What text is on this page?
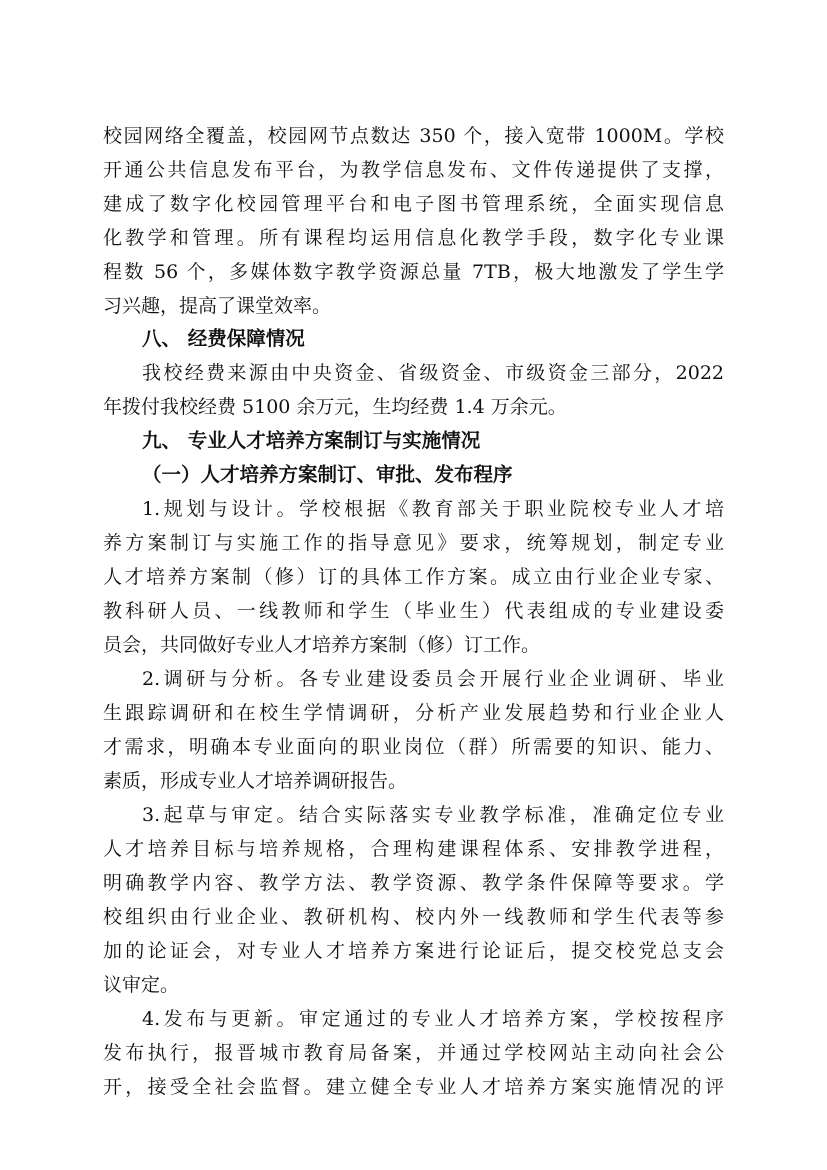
校园网络全覆盖，校园网节点数达 350 个，接入宽带 1000M。学校
开通公共信息发布平台，为教学信息发布、文件传递提供了支撑，
建成了数字化校园管理平台和电子图书管理系统，全面实现信息
化教学和管理。所有课程均运用信息化教学手段，数字化专业课
程数 56 个，多媒体数字教学资源总量 7TB，极大地激发了学生学
习兴趣，提高了课堂效率。
八、 经费保障情况
我校经费来源由中央资金、省级资金、市级资金三部分，2022
年拨付我校经费 5100 余万元，生均经费 1.4 万余元。
九、 专业人才培养方案制订与实施情况
（一）人才培养方案制订、审批、发布程序
1.规划与设计。学校根据《教育部关于职业院校专业人才培
养方案制订与实施工作的指导意见》要求，统筹规划，制定专业
人才培养方案制（修）订的具体工作方案。成立由行业企业专家、
教科研人员、一线教师和学生（毕业生）代表组成的专业建设委
员会，共同做好专业人才培养方案制（修）订工作。
2.调研与分析。各专业建设委员会开展行业企业调研、毕业
生跟踪调研和在校生学情调研，分析产业发展趋势和行业企业人
才需求，明确本专业面向的职业岗位（群）所需要的知识、能力、
素质，形成专业人才培养调研报告。
3.起草与审定。结合实际落实专业教学标准，准确定位专业
人才培养目标与培养规格，合理构建课程体系、安排教学进程，
明确教学内容、教学方法、教学资源、教学条件保障等要求。学
校组织由行业企业、教研机构、校内外一线教师和学生代表等参
加的论证会，对专业人才培养方案进行论证后，提交校党总支会
议审定。
4.发布与更新。审定通过的专业人才培养方案，学校按程序
发布执行，报晋城市教育局备案，并通过学校网站主动向社会公
开，接受全社会监督。建立健全专业人才培养方案实施情况的评
